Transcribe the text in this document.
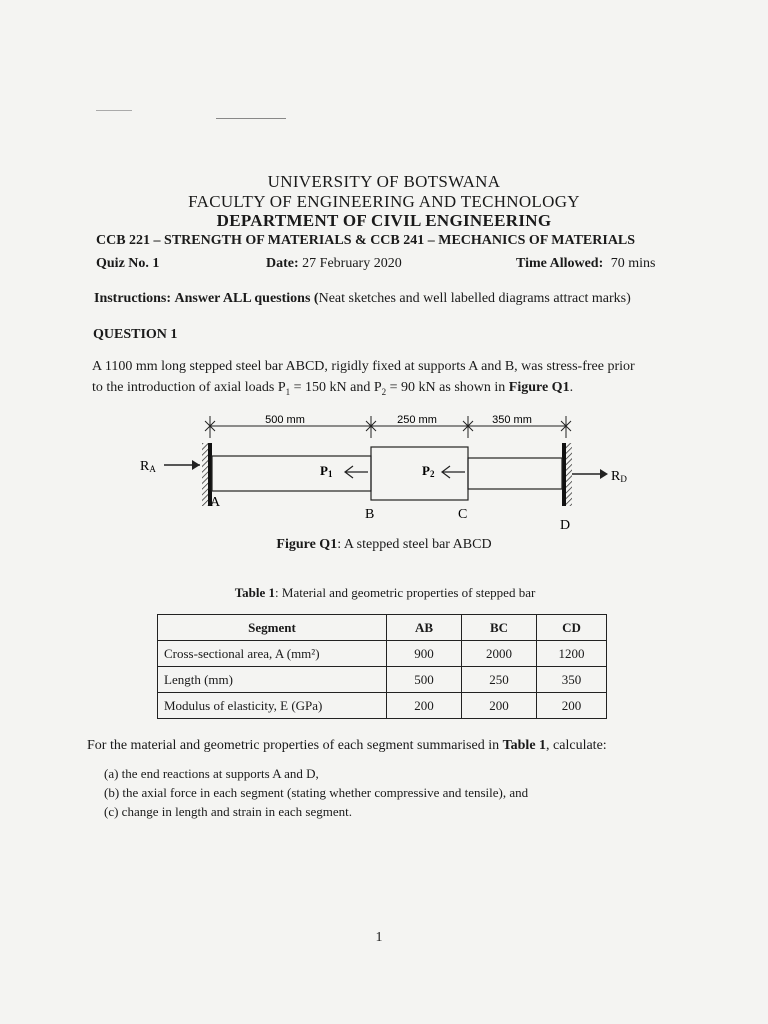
UNIVERSITY OF BOTSWANA
FACULTY OF ENGINEERING AND TECHNOLOGY
DEPARTMENT OF CIVIL ENGINEERING
CCB 221 – STRENGTH OF MATERIALS & CCB 241 – MECHANICS OF MATERIALS
Quiz No. 1	Date: 27 February 2020	Time Allowed: 70 mins
Instructions: Answer ALL questions (Neat sketches and well labelled diagrams attract marks)
QUESTION 1
A 1100 mm long stepped steel bar ABCD, rigidly fixed at supports A and B, was stress-free prior
to the introduction of axial loads $P_1 = 150$ kN and $P_2 = 90$ kN as shown in Figure Q1.
500 mm	250 mm	350 mm
RA	P1	P2	RD
A
B	C
D
Figure Q1: A stepped steel bar ABCD
Table 1: Material and geometric properties of stepped bar
Segment	AB	BC	CD
Cross-sectional area, A (mm²)	900	2000	1200
Length (mm)	500	250	350
Modulus of elasticity, E (GPa)	200	200	200
For the material and geometric properties of each segment summarised in Table 1, calculate:
(a) the end reactions at supports A and D,
(b) the axial force in each segment (stating whether compressive and tensile), and
(c) change in length and strain in each segment.
1
